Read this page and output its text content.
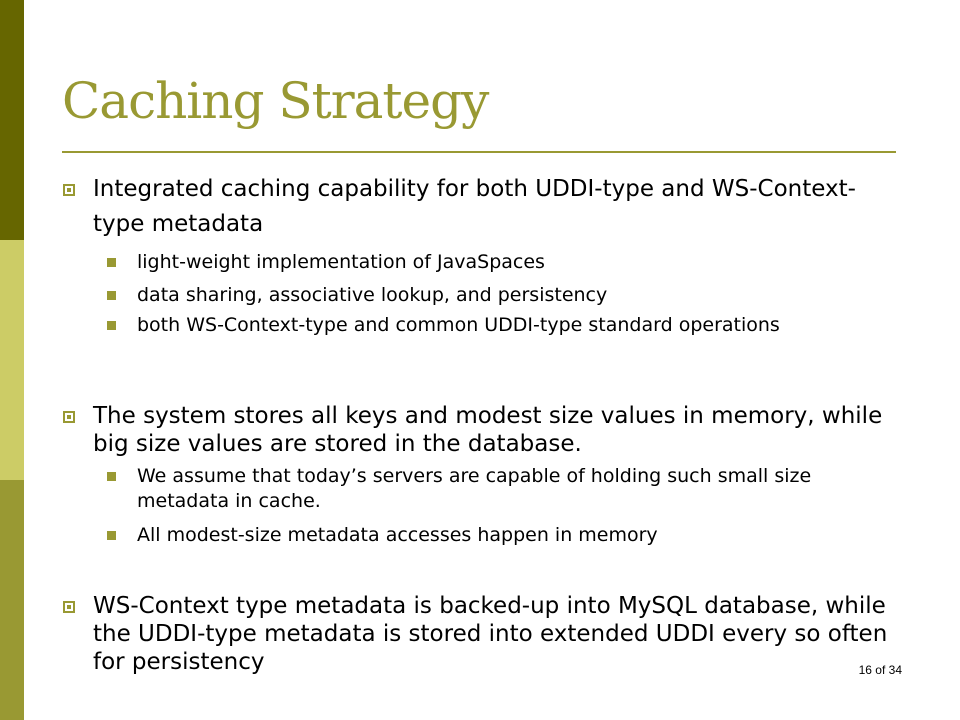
Caching Strategy
Integrated caching capability for both UDDI-type and WS-Context-type metadata
light-weight implementation of JavaSpaces
data sharing, associative lookup, and persistency
both WS-Context-type and common UDDI-type standard operations
The system stores all keys and modest size values in memory, while big size values are stored in the database.
We assume that today’s servers are capable of holding such small size metadata in cache.
All modest-size metadata accesses happen in memory
WS-Context type metadata is backed-up into MySQL database, while the UDDI-type metadata is stored into extended UDDI every so often for persistency	16 of 34
